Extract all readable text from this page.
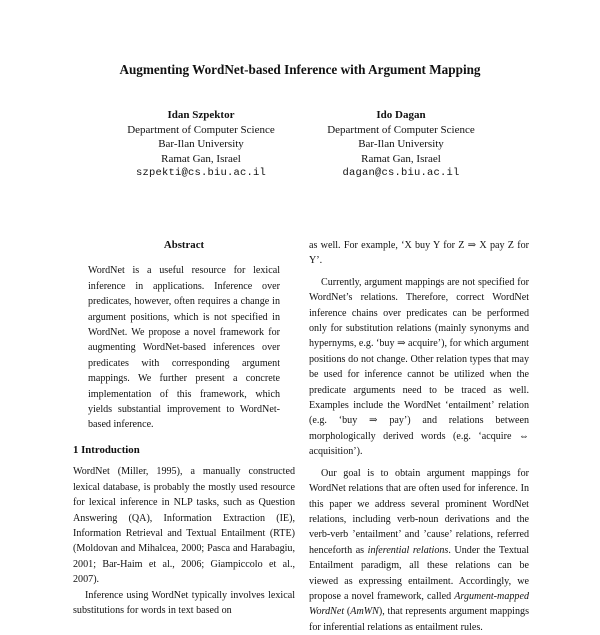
Augmenting WordNet-based Inference with Argument Mapping
Idan Szpektor
Department of Computer Science
Bar-Ilan University
Ramat Gan, Israel
szpekti@cs.biu.ac.il
Ido Dagan
Department of Computer Science
Bar-Ilan University
Ramat Gan, Israel
dagan@cs.biu.ac.il
Abstract

WordNet is a useful resource for lexical inference in applications. Inference over predicates, however, often requires a change in argument positions, which is not specified in WordNet. We propose a novel framework for augmenting WordNet-based inferences over predicates with corresponding argument mappings. We further present a concrete implementation of this framework, which yields substantial improvement to WordNet-based inference.

1 Introduction

WordNet (Miller, 1995), a manually constructed lexical database, is probably the mostly used resource for lexical inference in NLP tasks, such as Question Answering (QA), Information Extraction (IE), Information Retrieval and Textual Entailment (RTE) (Moldovan and Mihalcea, 2000; Pasca and Harabagiu, 2001; Bar-Haim et al., 2006; Giampiccolo et al., 2007).

Inference using WordNet typically involves lexical substitutions for words in text based on

as well. For example, ‘X buy Y for Z ⇒ X pay Z for Y’.

Currently, argument mappings are not specified for WordNet’s relations. Therefore, correct WordNet inference chains over predicates can be performed only for substitution relations (mainly synonyms and hypernyms, e.g. ‘buy ⇒ acquire’), for which argument positions do not change. Other relation types that may be used for inference cannot be utilized when the predicate arguments need to be traced as well. Examples include the WordNet ‘entailment’ relation (e.g. ‘buy ⇒ pay’) and relations between morphologically derived words (e.g. ‘acquire ⇔ acquisition’).

Our goal is to obtain argument mappings for WordNet relations that are often used for inference. In this paper we address several prominent WordNet relations, including verb-noun derivations and the verb-verb ’entailment’ and ’cause’ relations, referred henceforth as inferential relations. Under the Textual Entailment paradigm, all these relations can be viewed as expressing entailment. Accordingly, we propose a novel framework, called Argument-mapped WordNet (AmWN), that represents argument mappings for inferential relations as entailment rules.
